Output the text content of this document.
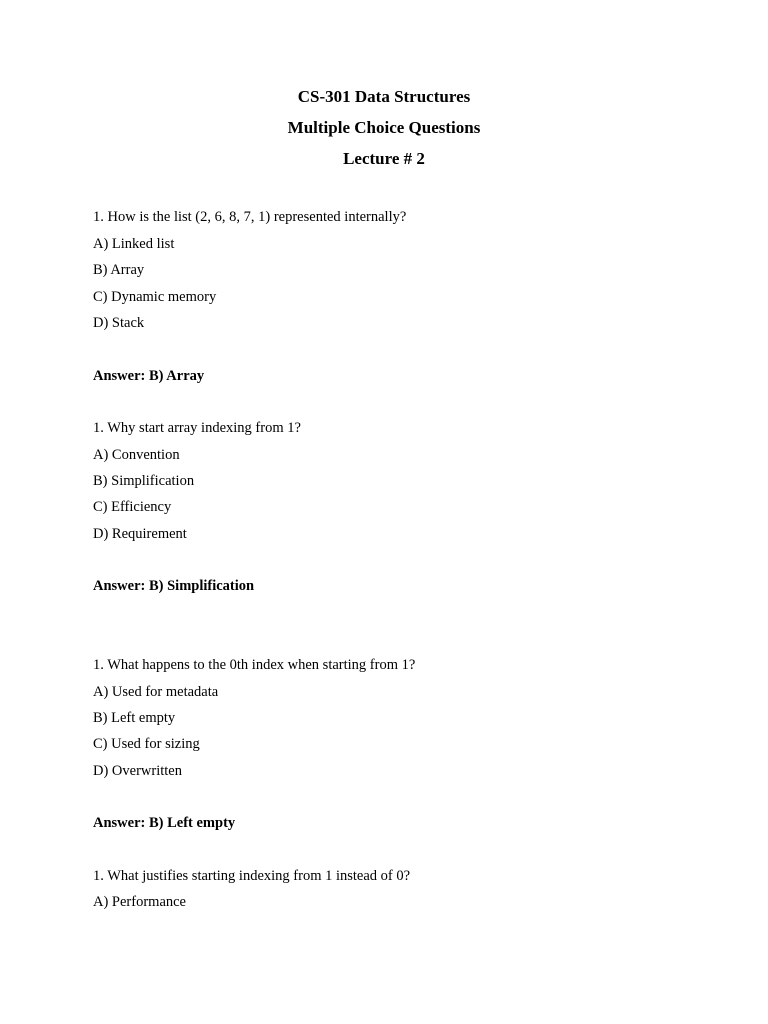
CS-301 Data Structures
Multiple Choice Questions
Lecture # 2
1. How is the list (2, 6, 8, 7, 1) represented internally?
A) Linked list
B) Array
C) Dynamic memory
D) Stack
Answer: B) Array
1. Why start array indexing from 1?
A) Convention
B) Simplification
C) Efficiency
D) Requirement
Answer: B) Simplification
1. What happens to the 0th index when starting from 1?
A) Used for metadata
B) Left empty
C) Used for sizing
D) Overwritten
Answer: B) Left empty
1. What justifies starting indexing from 1 instead of 0?
A) Performance
